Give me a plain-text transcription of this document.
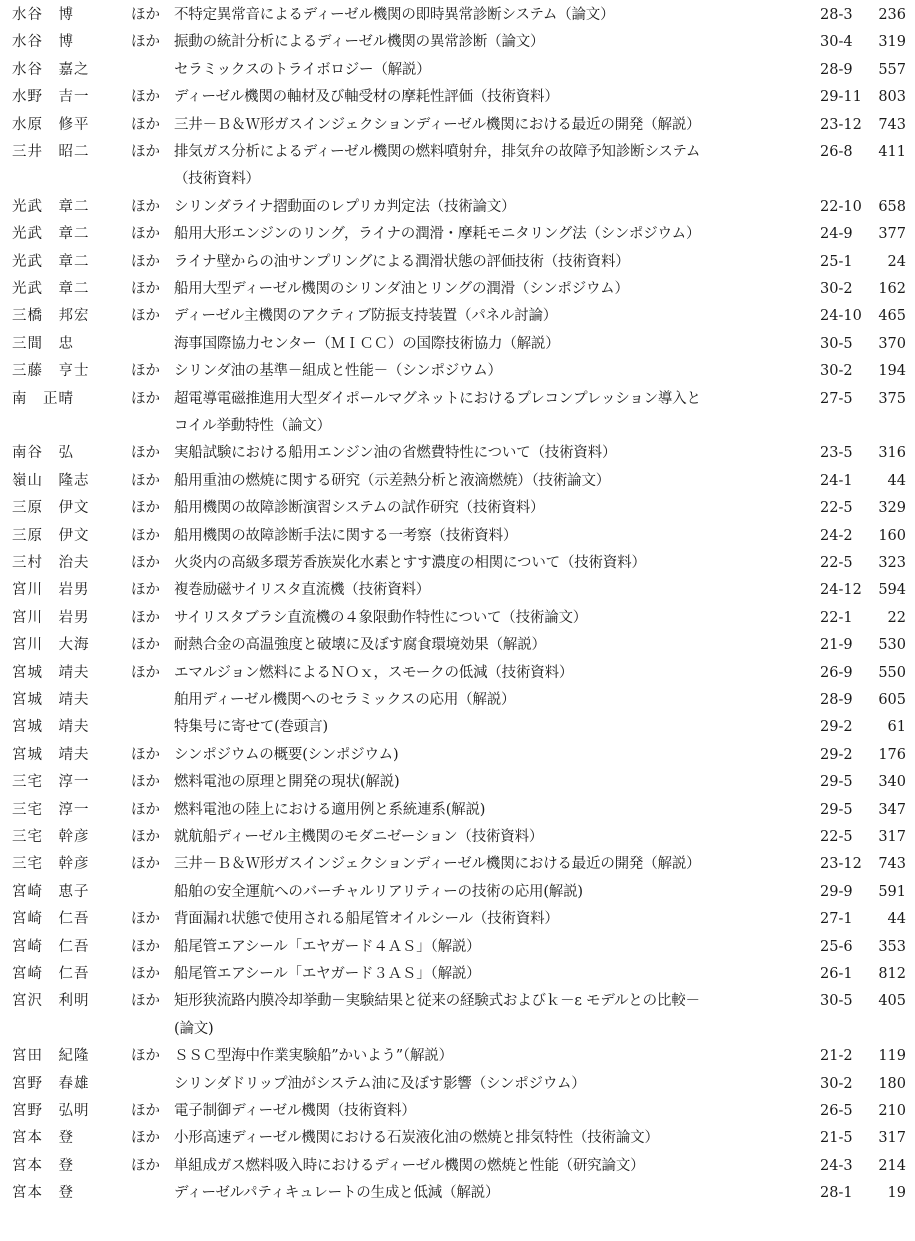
水谷　博	ほか 不特定異常音によるディーゼル機関の即時異常診断システム（論文）	28-3	236
水谷　博	ほか 振動の統計分析によるディーゼル機関の異常診断（論文）	30-4	319
水谷　嘉之	セラミックスのトライボロジー（解説）	28-9	557
水野　吉一	ほか ディーゼル機関の軸材及び軸受材の摩耗性評価（技術資料）	29-11	803
水原　修平	ほか 三井－Ｂ＆Ｗ形ガスインジェクションディーゼル機関における最近の開発（解説）	23-12	743
三井　昭二	ほか 排気ガス分析によるディーゼル機関の燃料噴射弁，排気弁の故障予知診断システム	26-8	411
（技術資料）
光武　章二	ほか シリンダライナ摺動面のレプリカ判定法（技術論文）	22-10	658
光武　章二	ほか 船用大形エンジンのリング，ライナの潤滑・摩耗モニタリング法（シンポジウム）	24-9	377
光武　章二	ほか ライナ壁からの油サンプリングによる潤滑状態の評価技術（技術資料）	25-1	24
光武　章二	ほか 船用大型ディーゼル機関のシリンダ油とリングの潤滑（シンポジウム）	30-2	162
三橋　邦宏	ほか ディーゼル主機関のアクティブ防振支持装置（パネル討論）	24-10	465
三間　忠	海事国際協力センター（ＭＩＣＣ）の国際技術協力（解説）	30-5	370
三藤　亨士	ほか シリンダ油の基準－組成と性能－（シンポジウム）	30-2	194
南　正晴	ほか 超電導電磁推進用大型ダイポールマグネットにおけるプレコンプレッション導入と	27-5	375
コイル挙動特性（論文）
南谷　弘	ほか 実船試験における船用エンジン油の省燃費特性について（技術資料）	23-5	316
嶺山　隆志	ほか 船用重油の燃焼に関する研究（示差熱分析と液滴燃焼）（技術論文）	24-1	44
三原　伊文	ほか 船用機関の故障診断演習システムの試作研究（技術資料）	22-5	329
三原　伊文	ほか 船用機関の故障診断手法に関する一考察（技術資料）	24-2	160
三村　治夫	ほか 火炎内の高級多環芳香族炭化水素とすす濃度の相関について（技術資料）	22-5	323
宮川　岩男	ほか 複巻励磁サイリスタ直流機（技術資料）	24-12	594
宮川　岩男	ほか サイリスタブラシ直流機の４象限動作特性について（技術論文）	22-1	22
宮川　大海	ほか 耐熱合金の高温強度と破壊に及ぼす腐食環境効果（解説）	21-9	530
宮城　靖夫	ほか エマルジョン燃料によるＮＯｘ，スモークの低減（技術資料）	26-9	550
宮城　靖夫	舶用ディーゼル機関へのセラミックスの応用（解説）	28-9	605
宮城　靖夫	特集号に寄せて(巻頭言)	29-2	61
宮城　靖夫	ほか シンポジウムの概要(シンポジウム)	29-2	176
三宅　淳一	ほか 燃料電池の原理と開発の現状(解説)	29-5	340
三宅　淳一	ほか 燃料電池の陸上における適用例と系統連系(解説)	29-5	347
三宅　幹彦	ほか 就航船ディーゼル主機関のモダニゼーション（技術資料）	22-5	317
三宅　幹彦	ほか 三井－Ｂ＆Ｗ形ガスインジェクションディーゼル機関における最近の開発（解説）	23-12	743
宮崎　恵子	船舶の安全運航へのバーチャルリアリティーの技術の応用(解説)	29-9	591
宮崎　仁吾	ほか 背面漏れ状態で使用される船尾管オイルシール（技術資料）	27-1	44
宮崎　仁吾	ほか 船尾管エアシール「エヤガード４ＡＳ」（解説）	25-6	353
宮崎　仁吾	ほか 船尾管エアシール「エヤガード３ＡＳ」（解説）	26-1	812
宮沢　利明	ほか 矩形狭流路内膜冷却挙動－実験結果と従来の経験式およびｋ－ε モデルとの比較－	30-5	405
(論文)
宮田　紀隆	ほか ＳＳＣ型海中作業実験船”かいよう”（解説）	21-2	119
宮野　春雄	シリンダドリップ油がシステム油に及ぼす影響（シンポジウム）	30-2	180
宮野　弘明	ほか 電子制御ディーゼル機関（技術資料）	26-5	210
宮本　登	ほか 小形高速ディーゼル機関における石炭液化油の燃焼と排気特性（技術論文）	21-5	317
宮本　登	ほか 単組成ガス燃料吸入時におけるディーゼル機関の燃焼と性能（研究論文）	24-3	214
宮本　登	ディーゼルパティキュレートの生成と低減（解説）	28-1	19
